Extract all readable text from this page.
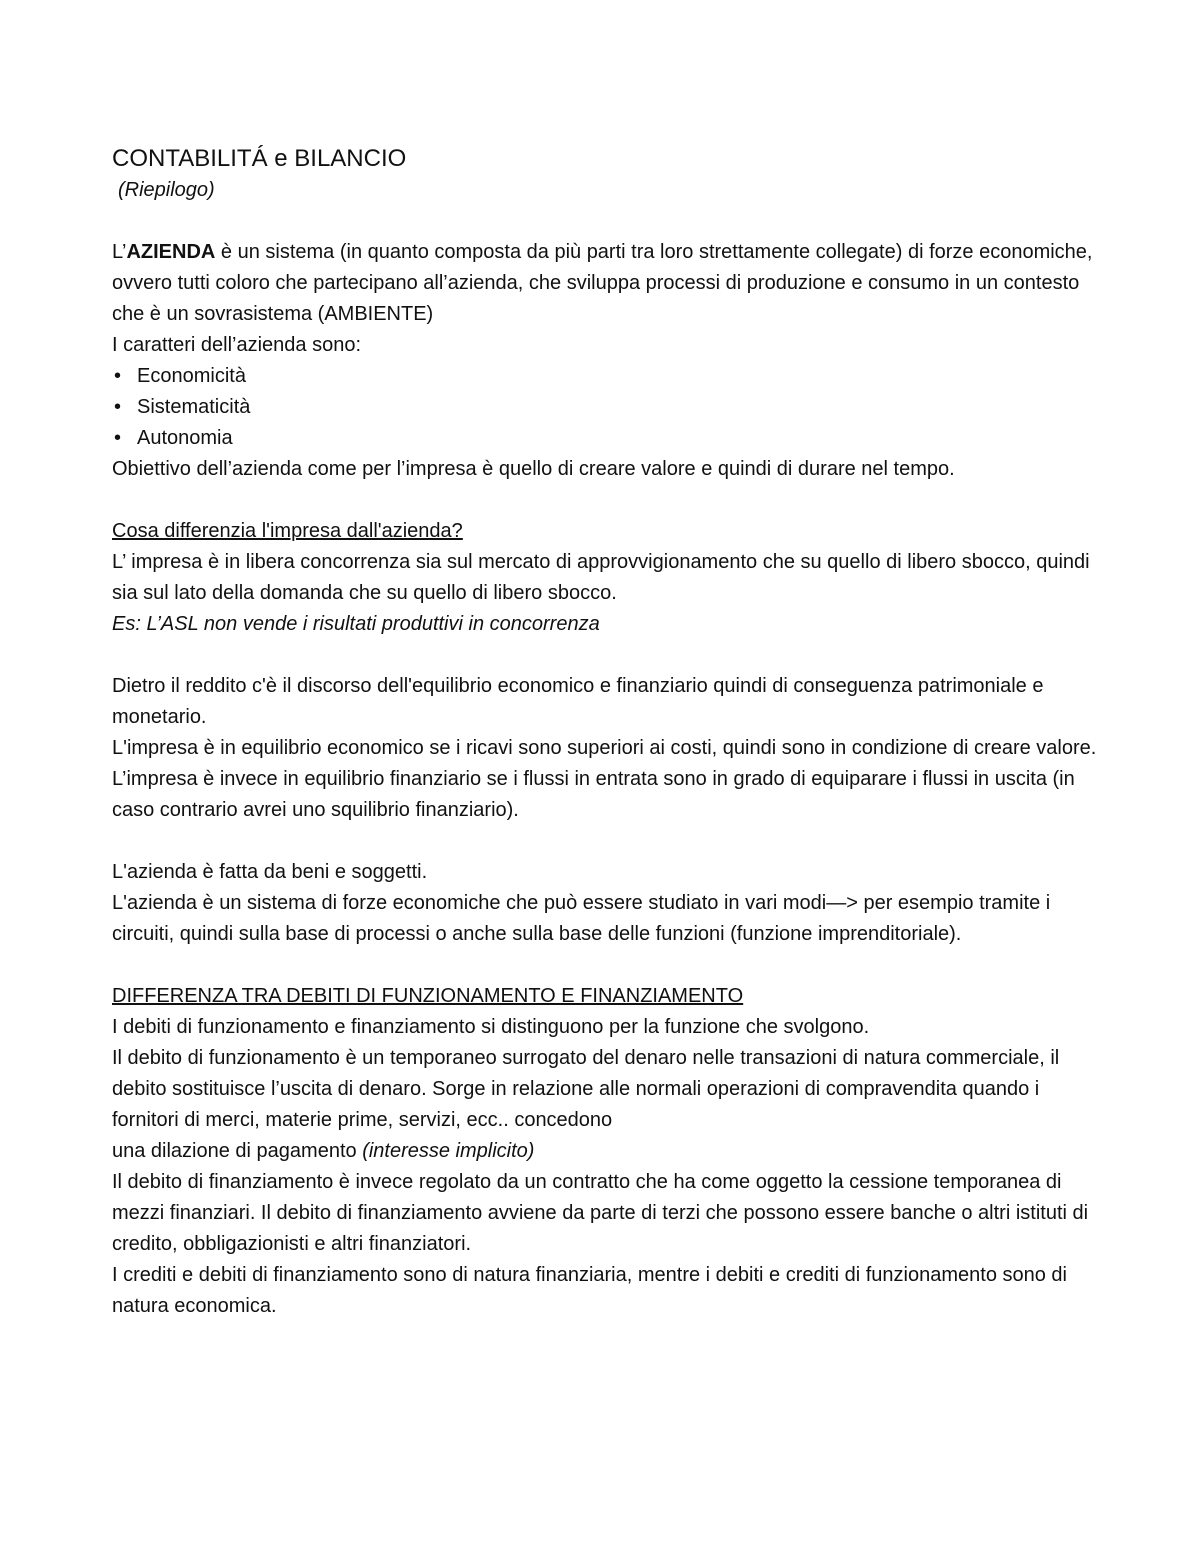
CONTABILITÁ e BILANCIO

(Riepilogo)

L’AZIENDA è un sistema (in quanto composta da più parti tra loro strettamente collegate) di forze economiche, ovvero tutti coloro che partecipano all’azienda, che sviluppa processi di produzione e consumo in un contesto che è un sovrasistema (AMBIENTE)

I caratteri dell’azienda sono:

• Economicità
• Sistematicità
• Autonomia

Obiettivo dell’azienda come per l’impresa è quello di creare valore e quindi di durare nel tempo.

Cosa differenzia l'impresa dall'azienda?

L’ impresa è in libera concorrenza sia sul mercato di approvvigionamento che su quello di libero sbocco, quindi sia sul lato della domanda che su quello di libero sbocco.

Es: L’ASL non vende i risultati produttivi in concorrenza

Dietro il reddito c'è il discorso dell'equilibrio economico e finanziario quindi di conseguenza patrimoniale e monetario.

L'impresa è in equilibrio economico se i ricavi sono superiori ai costi, quindi sono in condizione di creare valore.

L’impresa è invece in equilibrio finanziario se i flussi in entrata sono in grado di equiparare i flussi in uscita (in caso contrario avrei uno squilibrio finanziario).

L'azienda è fatta da beni e soggetti.

L'azienda è un sistema di forze economiche che può essere studiato in vari modi—> per esempio tramite i circuiti, quindi sulla base di processi o anche sulla base delle funzioni (funzione imprenditoriale).

DIFFERENZA TRA DEBITI DI FUNZIONAMENTO E FINANZIAMENTO

I debiti di funzionamento e finanziamento si distinguono per la funzione che svolgono.

Il debito di funzionamento è un temporaneo surrogato del denaro nelle transazioni di natura commerciale, il debito sostituisce l’uscita di denaro. Sorge in relazione alle normali operazioni di compravendita quando i fornitori di merci, materie prime, servizi, ecc.. concedono

una dilazione di pagamento (interesse implicito)

Il debito di finanziamento è invece regolato da un contratto che ha come oggetto la cessione temporanea di mezzi finanziari. Il debito di finanziamento avviene da parte di terzi che possono essere banche o altri istituti di credito, obbligazionisti e altri finanziatori.

I crediti e debiti di finanziamento sono di natura finanziaria, mentre i debiti e crediti di funzionamento sono di natura economica.
